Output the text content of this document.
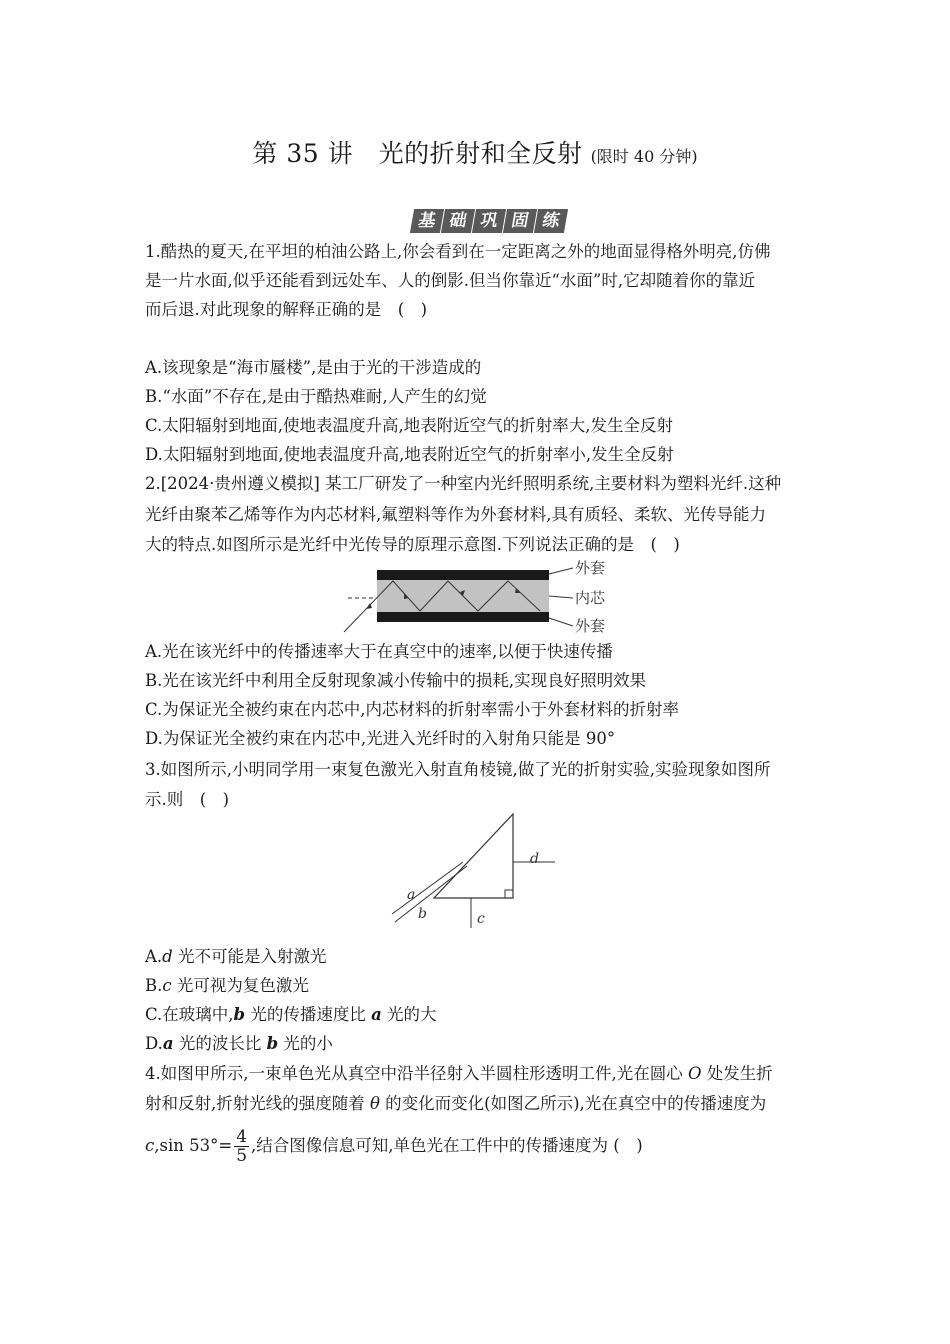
第 35 讲　光的折射和全反射 (限时 40 分钟)
基 础 巩 固 练
1.酷热的夏天,在平坦的柏油公路上,你会看到在一定距离之外的地面显得格外明亮,仿佛
是一片水面,似乎还能看到远处车、人的倒影.但当你靠近“水面”时,它却随着你的靠近
而后退.对此现象的解释正确的是　(　)
A.该现象是“海市蜃楼”,是由于光的干涉造成的
B.“水面”不存在,是由于酷热难耐,人产生的幻觉
C.太阳辐射到地面,使地表温度升高,地表附近空气的折射率大,发生全反射
D.太阳辐射到地面,使地表温度升高,地表附近空气的折射率小,发生全反射
2.[2024·贵州遵义模拟] 某工厂研发了一种室内光纤照明系统,主要材料为塑料光纤.这种
光纤由聚苯乙烯等作为内芯材料,氟塑料等作为外套材料,具有质轻、柔软、光传导能力
大的特点.如图所示是光纤中光传导的原理示意图.下列说法正确的是　(　)
外套
内芯
外套
A.光在该光纤中的传播速率大于在真空中的速率,以便于快速传播
B.光在该光纤中利用全反射现象减小传输中的损耗,实现良好照明效果
C.为保证光全被约束在内芯中,内芯材料的折射率需小于外套材料的折射率
D.为保证光全被约束在内芯中,光进入光纤时的入射角只能是 90°
3.如图所示,小明同学用一束复色激光入射直角棱镜,做了光的折射实验,实验现象如图所
示.则　(　)
a
b	c
d
A.d 光不可能是入射激光
B.c 光可视为复色激光
C.在玻璃中,b 光的传播速度比 a 光的大
D.a 光的波长比 b 光的小
4.如图甲所示,一束单色光从真空中沿半径射入半圆柱形透明工件,光在圆心 O 处发生折
射和反射,折射光线的强度随着 θ 的变化而变化(如图乙所示),光在真空中的传播速度为
c,sin $53^\circ= \frac{4}{5}$ ,结合图像信息可知,单色光在工件中的传播速度为 (　)
